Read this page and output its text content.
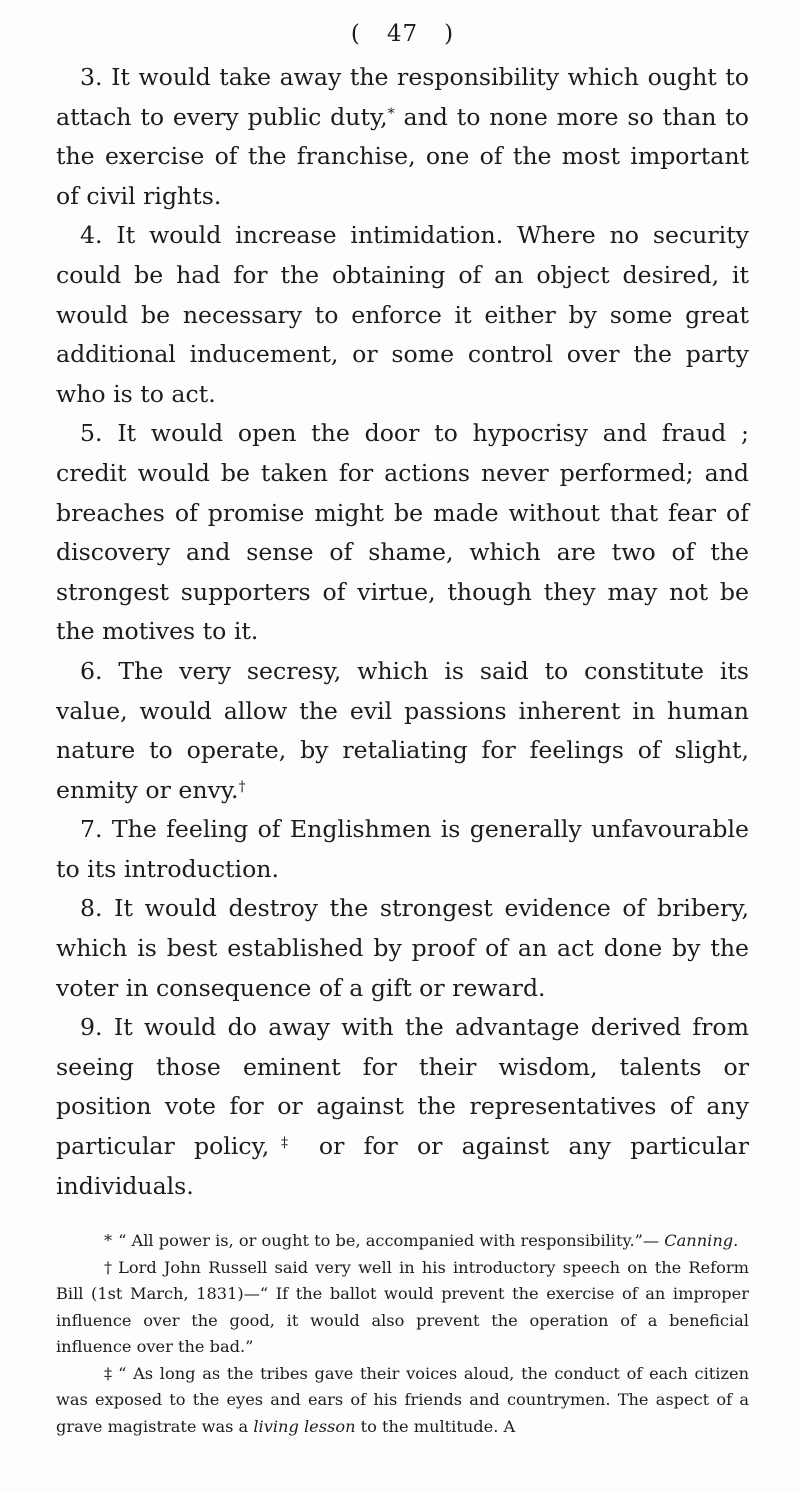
( 47 )

3. It would take away the responsibility which ought to attach to every public duty,* and to none more so than to the exercise of the franchise, one of the most important of civil rights.

4. It would increase intimidation. Where no security could be had for the obtaining of an object desired, it would be necessary to enforce it either by some great additional inducement, or some control over the party who is to act.

5. It would open the door to hypocrisy and fraud ; credit would be taken for actions never performed; and breaches of promise might be made without that fear of discovery and sense of shame, which are two of the strongest supporters of virtue, though they may not be the motives to it.

6. The very secresy, which is said to constitute its value, would allow the evil passions inherent in human nature to operate, by retaliating for feelings of slight, enmity or envy.†

7. The feeling of Englishmen is generally unfavourable to its introduction.

8. It would destroy the strongest evidence of bribery, which is best established by proof of an act done by the voter in consequence of a gift or reward.

9. It would do away with the advantage derived from seeing those eminent for their wisdom, talents or position vote for or against the representatives of any particular policy,‡ or for or against any particular individuals.

* “ All power is, or ought to be, accompanied with responsibility.”— Canning.

† Lord John Russell said very well in his introductory speech on the Reform Bill (1st March, 1831)—“ If the ballot would prevent the exercise of an improper influence over the good, it would also prevent the operation of a beneficial influence over the bad.”

‡ “ As long as the tribes gave their voices aloud, the conduct of each citizen was exposed to the eyes and ears of his friends and countrymen. The aspect of a grave magistrate was a living lesson to the multitude. A
